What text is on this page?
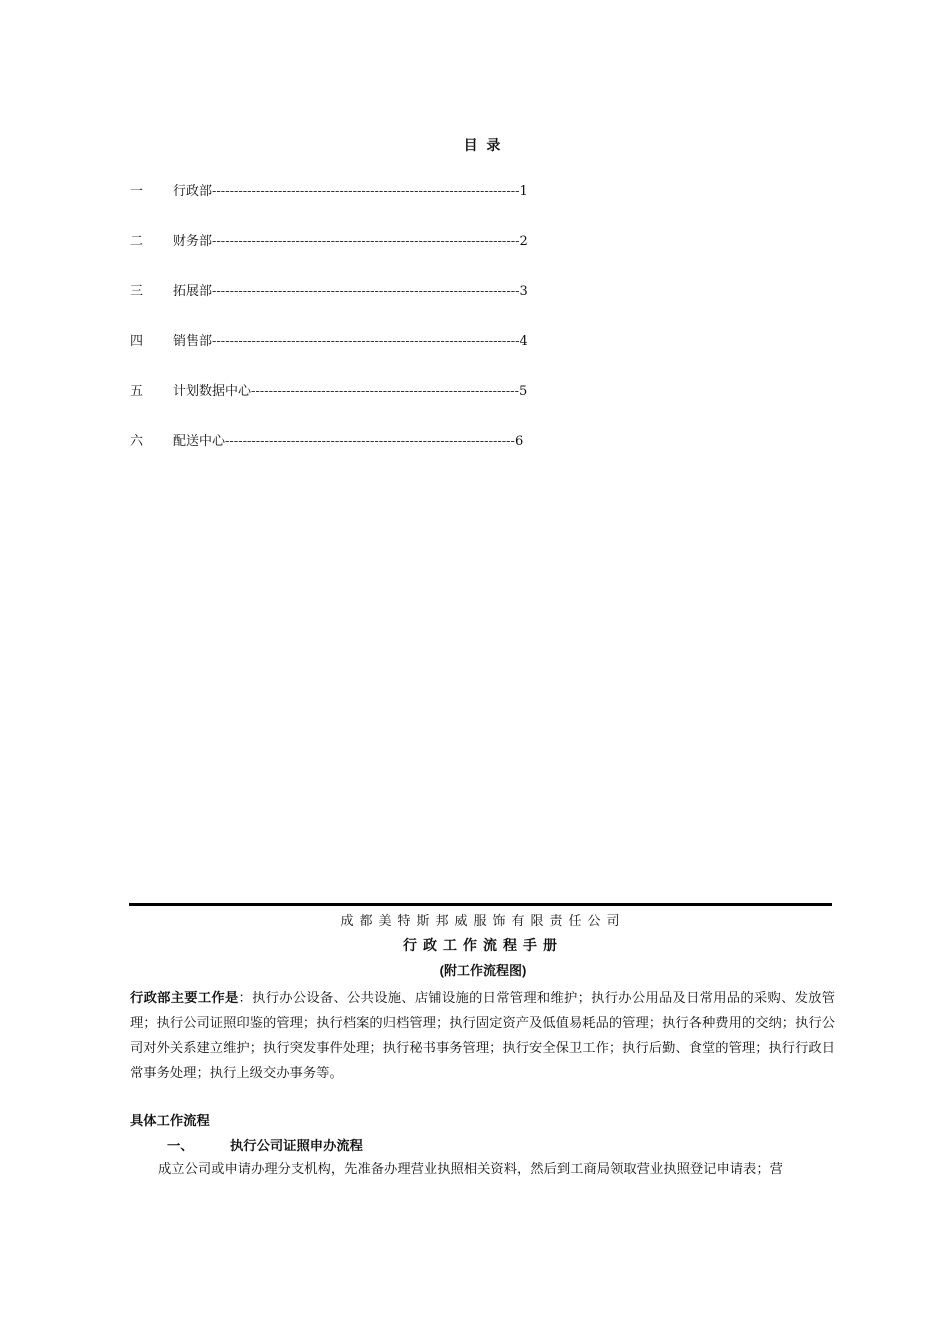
目 录
一 行政部----------------------------------------------------------------------1
二 财务部----------------------------------------------------------------------2
三 拓展部----------------------------------------------------------------------3
四 销售部----------------------------------------------------------------------4
五 计划数据中心-------------------------------------------------------------5
六 配送中心------------------------------------------------------------------6
成都美特斯邦威服饰有限责任公司
行政工作流程手册
(附工作流程图)
行政部主要工作是：执行办公设备、公共设施、店铺设施的日常管理和维护；执行办公用品及日常用品的采购、发放管理；执行公司证照印鉴的管理；执行档案的归档管理；执行固定资产及低值易耗品的管理；执行各种费用的交纳；执行公司对外关系建立维护；执行突发事件处理；执行秘书事务管理；执行安全保卫工作；执行后勤、食堂的管理；执行行政日常事务处理；执行上级交办事务等。
具体工作流程
一、	执行公司证照申办流程
成立公司或申请办理分支机构，先准备办理营业执照相关资料，然后到工商局领取营业执照登记申请表；营
